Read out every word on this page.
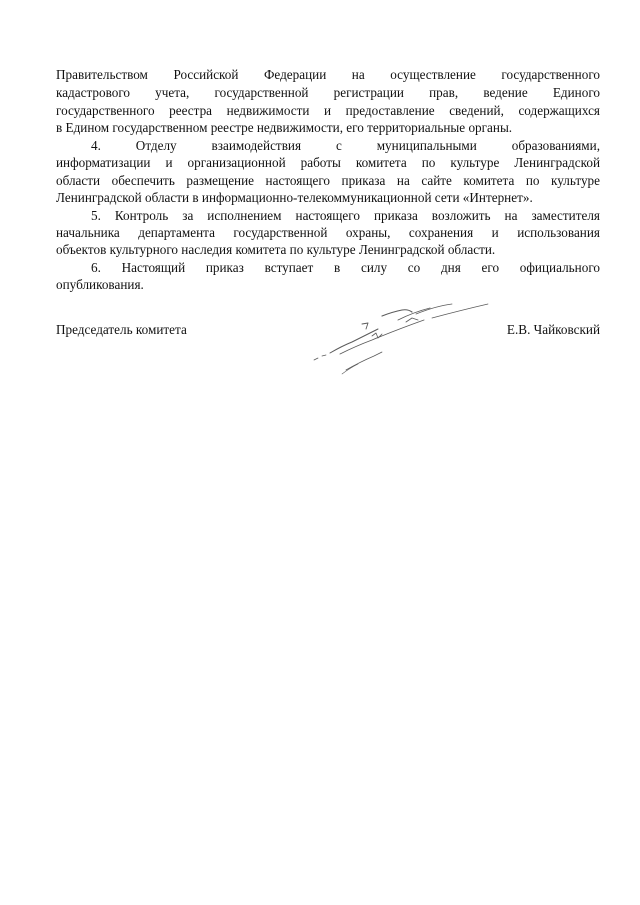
Правительством Российской Федерации на осуществление государственного
кадастрового учета, государственной регистрации прав, ведение Единого
государственного реестра недвижимости и предоставление сведений, содержащихся
в Едином государственном реестре недвижимости, его территориальные органы.
4. Отделу взаимодействия с муниципальными образованиями,
информатизации и организационной работы комитета по культуре Ленинградской
области обеспечить размещение настоящего приказа на сайте комитета по культуре
Ленинградской области в информационно-телекоммуникационной сети «Интернет».
5. Контроль за исполнением настоящего приказа возложить на заместителя
начальника департамента государственной охраны, сохранения и использования
объектов культурного наследия комитета по культуре Ленинградской области.
6. Настоящий приказ вступает в силу со дня его официального
опубликования.
Председатель комитета	Е.В. Чайковский
